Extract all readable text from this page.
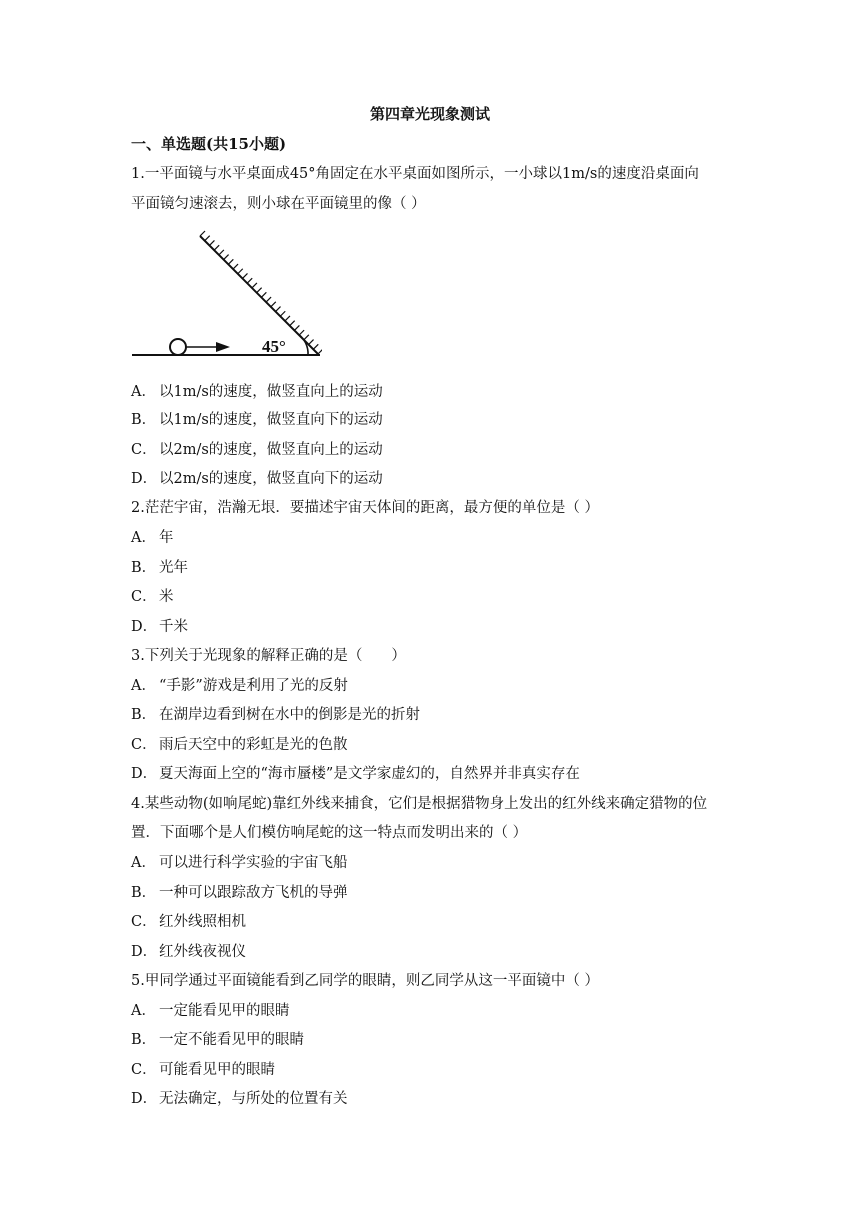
第四章光现象测试
一、单选题(共15小题)
1.一平面镜与水平桌面成45°角固定在水平桌面如图所示，一小球以1m/s的速度沿桌面向
平面镜匀速滚去，则小球在平面镜里的像（ ）
45°
A． 以1m/s的速度，做竖直向上的运动
B． 以1m/s的速度，做竖直向下的运动
C． 以2m/s的速度，做竖直向上的运动
D． 以2m/s的速度，做竖直向下的运动
2.茫茫宇宙，浩瀚无垠．要描述宇宙天体间的距离，最方便的单位是（ ）
A． 年
B． 光年
C． 米
D． 千米
3.下列关于光现象的解释正确的是（　　）
A． “手影”游戏是利用了光的反射
B． 在湖岸边看到树在水中的倒影是光的折射
C． 雨后天空中的彩虹是光的色散
D． 夏天海面上空的“海市蜃楼”是文学家虚幻的，自然界并非真实存在
4.某些动物(如响尾蛇)靠红外线来捕食，它们是根据猎物身上发出的红外线来确定猎物的位
置．下面哪个是人们模仿响尾蛇的这一特点而发明出来的（ ）
A． 可以进行科学实验的宇宙飞船
B． 一种可以跟踪敌方飞机的导弹
C． 红外线照相机
D． 红外线夜视仪
5.甲同学通过平面镜能看到乙同学的眼睛，则乙同学从这一平面镜中（ ）
A． 一定能看见甲的眼睛
B． 一定不能看见甲的眼睛
C． 可能看见甲的眼睛
D． 无法确定，与所处的位置有关
